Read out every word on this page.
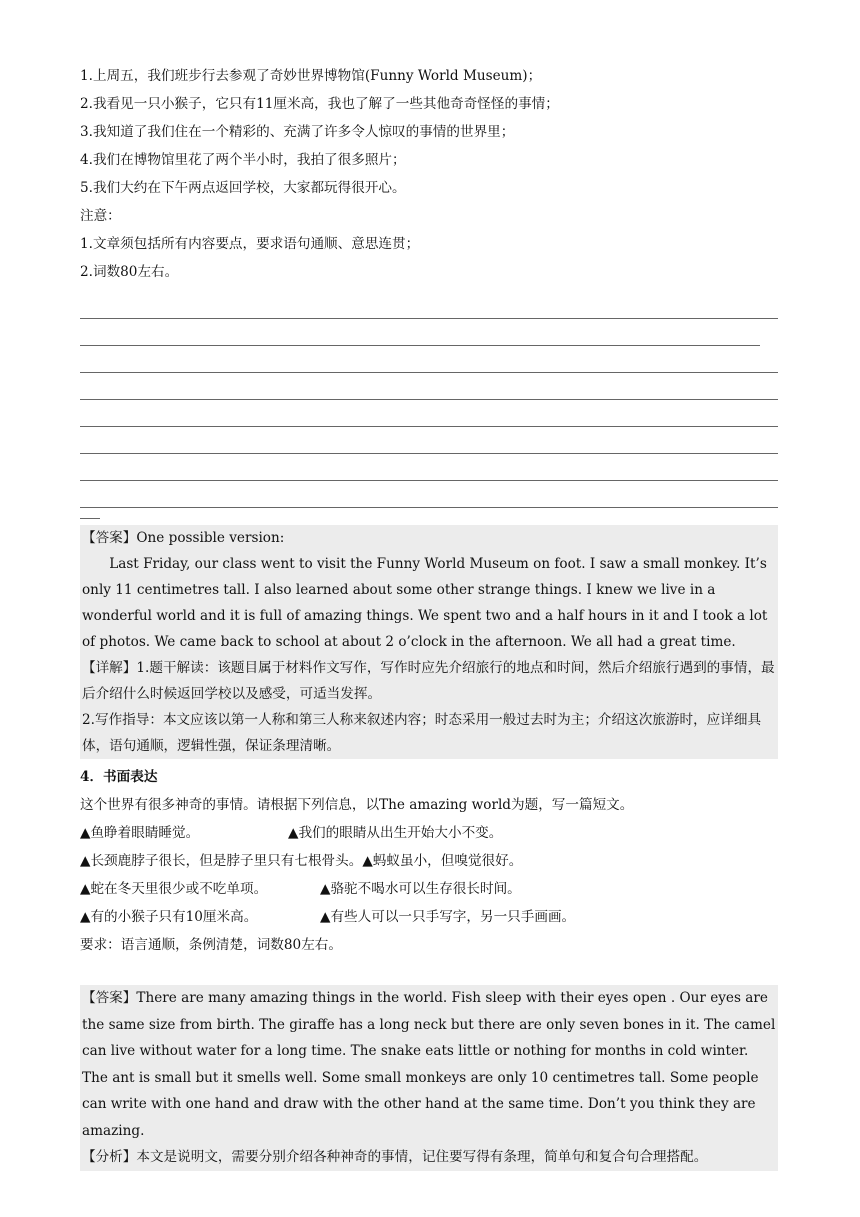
1.上周五，我们班步行去参观了奇妙世界博物馆(Funny World Museum)；
2.我看见一只小猴子，它只有11厘米高，我也了解了一些其他奇奇怪怪的事情；
3.我知道了我们住在一个精彩的、充满了许多令人惊叹的事情的世界里；
4.我们在博物馆里花了两个半小时，我拍了很多照片；
5.我们大约在下午两点返回学校，大家都玩得很开心。
注意：
1.文章须包括所有内容要点，要求语句通顺、意思连贯；
2.词数80左右。

【答案】One possible version:

Last Friday, our class went to visit the Funny World Museum on foot. I saw a small monkey. It’s only 11 centimetres tall. I also learned about some other strange things. I knew we live in a wonderful world and it is full of amazing things. We spent two and a half hours in it and I took a lot of photos. We came back to school at about 2 o’clock in the afternoon. We all had a great time.

【详解】1.题干解读：该题目属于材料作文写作，写作时应先介绍旅行的地点和时间，然后介绍旅行遇到的事情，最后介绍什么时候返回学校以及感受，可适当发挥。

2.写作指导：本文应该以第一人称和第三人称来叙述内容；时态采用一般过去时为主；介绍这次旅游时，应详细具体，语句通顺，逻辑性强，保证条理清晰。

4．书面表达
这个世界有很多神奇的事情。请根据下列信息，以The amazing world为题，写一篇短文。
▲鱼睁着眼睛睡觉。	▲我们的眼睛从出生开始大小不变。
▲长颈鹿脖子很长，但是脖子里只有七根骨头。▲蚂蚁虽小，但嗅觉很好。
▲蛇在冬天里很少或不吃单项。	▲骆驼不喝水可以生存很长时间。
▲有的小猴子只有10厘米高。	▲有些人可以一只手写字，另一只手画画。
要求：语言通顺，条例清楚，词数80左右。

【答案】There are many amazing things in the world. Fish sleep with their eyes open . Our eyes are the same size from birth. The giraffe has a long neck but there are only seven bones in it. The camel can live without water for a long time. The snake eats little or nothing for months in cold winter. The ant is small but it smells well. Some small monkeys are only 10 centimetres tall. Some people can write with one hand and draw with the other hand at the same time. Don’t you think they are amazing.

【分析】本文是说明文，需要分别介绍各种神奇的事情，记住要写得有条理，简单句和复合句合理搭配。
